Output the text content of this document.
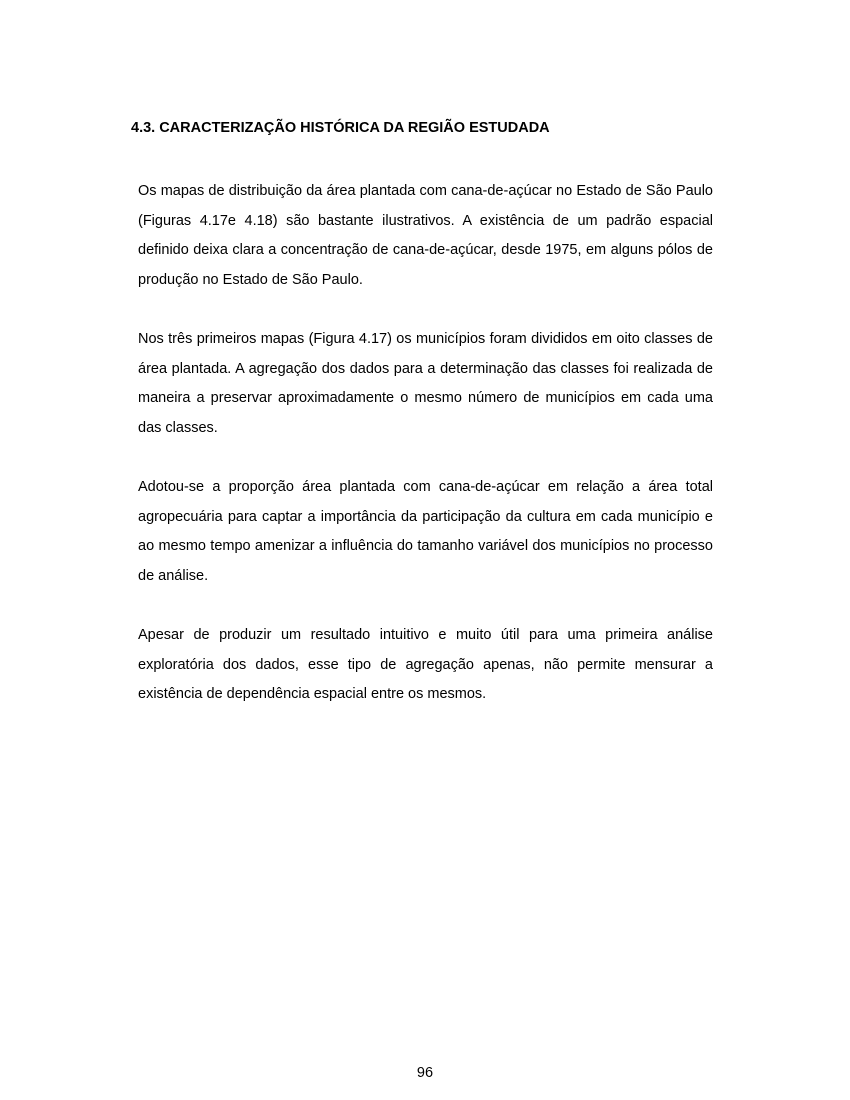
4.3. CARACTERIZAÇÃO HISTÓRICA DA REGIÃO ESTUDADA

Os mapas de distribuição da área plantada com cana-de-açúcar no Estado de São Paulo (Figuras 4.17e 4.18) são bastante ilustrativos. A existência de um padrão espacial definido deixa clara a concentração de cana-de-açúcar, desde 1975, em alguns pólos de produção no Estado de São Paulo.

Nos três primeiros mapas (Figura 4.17) os municípios foram divididos em oito classes de área plantada. A agregação dos dados para a determinação das classes foi realizada de maneira a preservar aproximadamente o mesmo número de municípios em cada uma das classes.

Adotou-se a proporção área plantada com cana-de-açúcar em relação a área total agropecuária para captar a importância da participação da cultura em cada município e ao mesmo tempo amenizar a influência do tamanho variável dos municípios no processo de análise.

Apesar de produzir um resultado intuitivo e muito útil para uma primeira análise exploratória dos dados, esse tipo de agregação apenas, não permite mensurar a existência de dependência espacial entre os mesmos.

96
